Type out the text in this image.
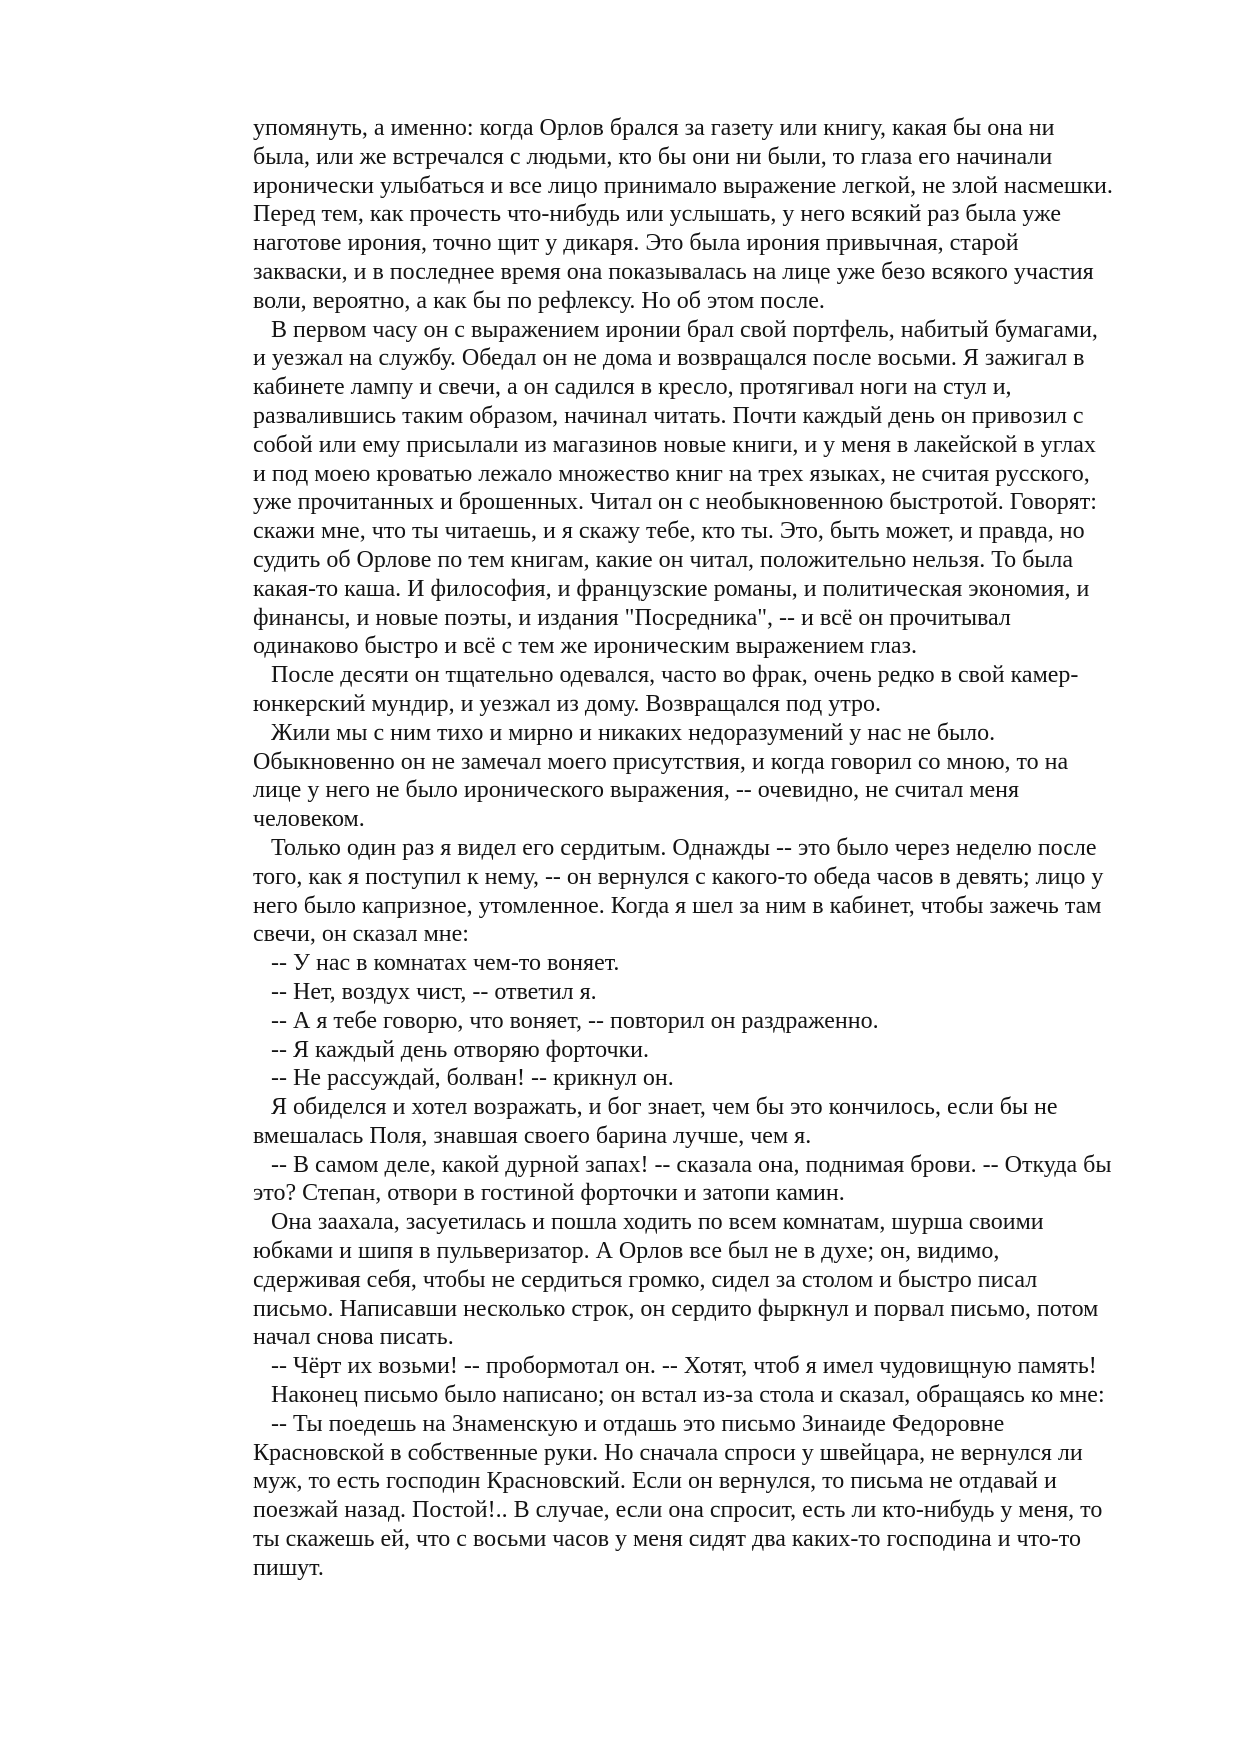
упомянуть, а именно: когда Орлов брался за газету или книгу, какая бы она ни
была, или же встречался с людьми, кто бы они ни были, то глаза его начинали
иронически улыбаться и все лицо принимало выражение легкой, не злой насмешки.
Перед тем, как прочесть что-нибудь или услышать, у него всякий раз была уже
наготове ирония, точно щит у дикаря. Это была ирония привычная, старой
закваски, и в последнее время она показывалась на лице уже безо всякого участия
воли, вероятно, а как бы по рефлексу. Но об этом после.
В первом часу он с выражением иронии брал свой портфель, набитый бумагами,
и уезжал на службу. Обедал он не дома и возвращался после восьми. Я зажигал в
кабинете лампу и свечи, а он садился в кресло, протягивал ноги на стул и,
развалившись таким образом, начинал читать. Почти каждый день он привозил с
собой или ему присылали из магазинов новые книги, и у меня в лакейской в углах
и под моею кроватью лежало множество книг на трех языках, не считая русского,
уже прочитанных и брошенных. Читал он с необыкновенною быстротой. Говорят:
скажи мне, что ты читаешь, и я скажу тебе, кто ты. Это, быть может, и правда, но
судить об Орлове по тем книгам, какие он читал, положительно нельзя. То была
какая-то каша. И философия, и французские романы, и политическая экономия, и
финансы, и новые поэты, и издания "Посредника", -- и всё он прочитывал
одинаково быстро и всё с тем же ироническим выражением глаз.
После десяти он тщательно одевался, часто во фрак, очень редко в свой камер-
юнкерский мундир, и уезжал из дому. Возвращался под утро.
Жили мы с ним тихо и мирно и никаких недоразумений у нас не было.
Обыкновенно он не замечал моего присутствия, и когда говорил со мною, то на
лице у него не было иронического выражения, -- очевидно, не считал меня
человеком.
Только один раз я видел его сердитым. Однажды -- это было через неделю после
того, как я поступил к нему, -- он вернулся с какого-то обеда часов в девять; лицо у
него было капризное, утомленное. Когда я шел за ним в кабинет, чтобы зажечь там
свечи, он сказал мне:
-- У нас в комнатах чем-то воняет.
-- Нет, воздух чист, -- ответил я.
-- А я тебе говорю, что воняет, -- повторил он раздраженно.
-- Я каждый день отворяю форточки.
-- Не рассуждай, болван! -- крикнул он.
Я обиделся и хотел возражать, и бог знает, чем бы это кончилось, если бы не
вмешалась Поля, знавшая своего барина лучше, чем я.
-- В самом деле, какой дурной запах! -- сказала она, поднимая брови. -- Откуда бы
это? Степан, отвори в гостиной форточки и затопи камин.
Она заахала, засуетилась и пошла ходить по всем комнатам, шурша своими
юбками и шипя в пульверизатор. А Орлов все был не в духе; он, видимо,
сдерживая себя, чтобы не сердиться громко, сидел за столом и быстро писал
письмо. Написавши несколько строк, он сердито фыркнул и порвал письмо, потом
начал снова писать.
-- Чёрт их возьми! -- пробормотал он. -- Хотят, чтоб я имел чудовищную память!
Наконец письмо было написано; он встал из-за стола и сказал, обращаясь ко мне:
-- Ты поедешь на Знаменскую и отдашь это письмо Зинаиде Федоровне
Красновской в собственные руки. Но сначала спроси у швейцара, не вернулся ли
муж, то есть господин Красновский. Если он вернулся, то письма не отдавай и
поезжай назад. Постой!.. В случае, если она спросит, есть ли кто-нибудь у меня, то
ты скажешь ей, что с восьми часов у меня сидят два каких-то господина и что-то
пишут.
